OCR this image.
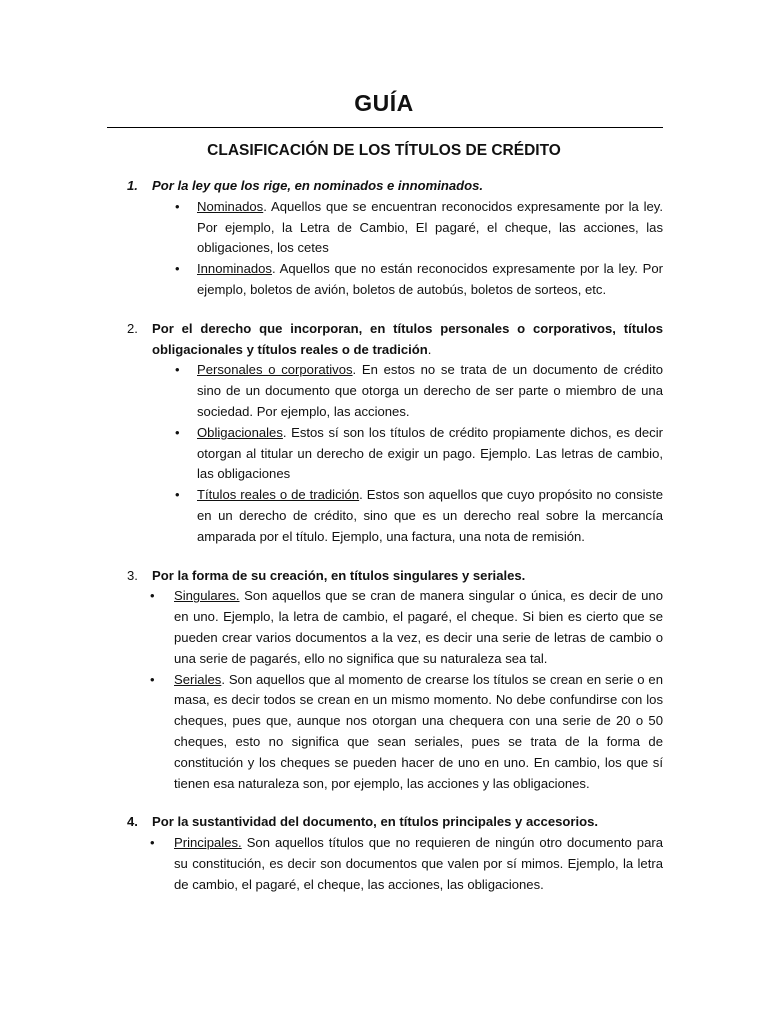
GUÍA
CLASIFICACIÓN DE LOS TÍTULOS DE CRÉDITO
1.	Por la ley que los rige, en nominados e innominados.
• Nominados. Aquellos que se encuentran reconocidos expresamente por la ley. Por ejemplo, la Letra de Cambio, El pagaré, el cheque, las acciones, las obligaciones, los cetes
• Innominados. Aquellos que no están reconocidos expresamente por la ley. Por ejemplo, boletos de avión, boletos de autobús, boletos de sorteos, etc.
2.	Por el derecho que incorporan, en títulos personales o corporativos, títulos obligacionales y títulos reales o de tradición.
• Personales o corporativos. En estos no se trata de un documento de crédito sino de un documento que otorga un derecho de ser parte o miembro de una sociedad. Por ejemplo, las acciones.
• Obligacionales. Estos sí son los títulos de crédito propiamente dichos, es decir otorgan al titular un derecho de exigir un pago. Ejemplo. Las letras de cambio, las obligaciones
• Títulos reales o de tradición. Estos son aquellos que cuyo propósito no consiste en un derecho de crédito, sino que es un derecho real sobre la mercancía amparada por el título. Ejemplo, una factura, una nota de remisión.
3.	Por la forma de su creación, en títulos singulares y seriales.
• Singulares. Son aquellos que se cran de manera singular o única, es decir de uno en uno. Ejemplo, la letra de cambio, el pagaré, el cheque. Si bien es cierto que se pueden crear varios documentos a la vez, es decir una serie de letras de cambio o una serie de pagarés, ello no significa que su naturaleza sea tal.
• Seriales. Son aquellos que al momento de crearse los títulos se crean en serie o en masa, es decir todos se crean en un mismo momento. No debe confundirse con los cheques, pues que, aunque nos otorgan una chequera con una serie de 20 o 50 cheques, esto no significa que sean seriales, pues se trata de la forma de constitución y los cheques se pueden hacer de uno en uno. En cambio, los que sí tienen esa naturaleza son, por ejemplo, las acciones y las obligaciones.
4.	Por la sustantividad del documento, en títulos principales y accesorios.
• Principales. Son aquellos títulos que no requieren de ningún otro documento para su constitución, es decir son documentos que valen por sí mimos. Ejemplo, la letra de cambio, el pagaré, el cheque, las acciones, las obligaciones.
